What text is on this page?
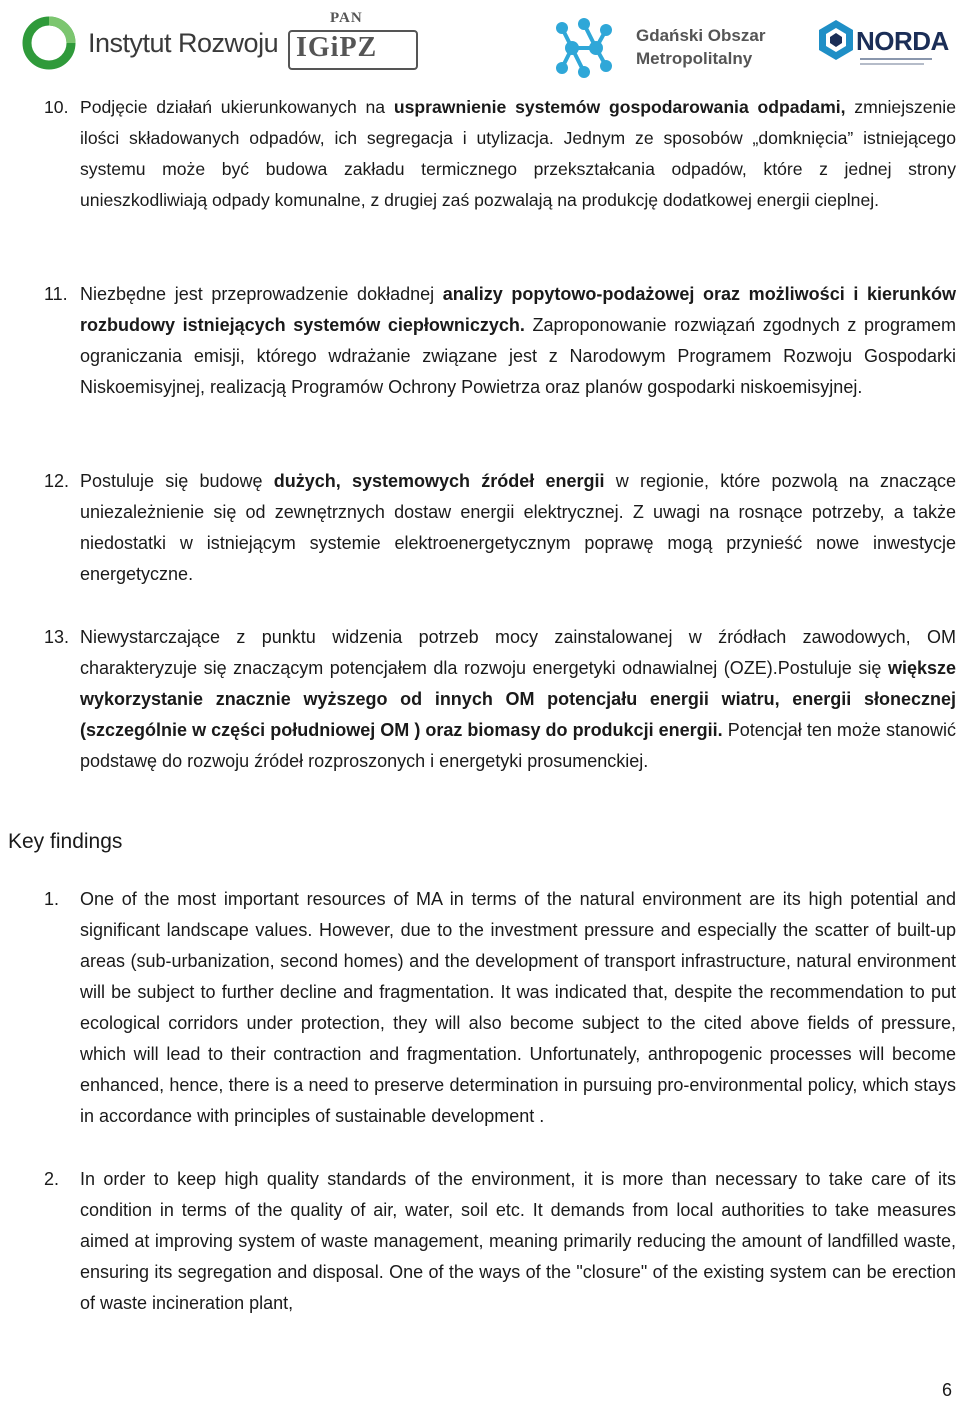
Instytut Rozwoju
PAN
IGiPZ	Gdański Obszar
Metropolitalny
NORDA
10. Podjęcie działań ukierunkowanych na usprawnienie systemów gospodarowania odpadami, zmniejszenie ilości składowanych odpadów, ich segregacja i utylizacja. Jednym ze sposobów „domknięcia” istniejącego systemu może być budowa zakładu termicznego przekształcania odpadów, które z jednej strony unieszkodliwiają odpady komunalne, z drugiej zaś pozwalają na produkcję dodatkowej energii cieplnej.
11. Niezbędne jest przeprowadzenie dokładnej analizy popytowo-podażowej oraz możliwości i kierunków rozbudowy istniejących systemów ciepłowniczych. Zaproponowanie rozwiązań zgodnych z programem ograniczania emisji, którego wdrażanie związane jest z Narodowym Programem Rozwoju Gospodarki Niskoemisyjnej, realizacją Programów Ochrony Powietrza oraz planów gospodarki niskoemisyjnej.
12. Postuluje się budowę dużych, systemowych źródeł energii w regionie, które pozwolą na znaczące uniezależnienie się od zewnętrznych dostaw energii elektrycznej. Z uwagi na rosnące potrzeby, a także niedostatki w istniejącym systemie elektroenergetycznym poprawę mogą przynieść nowe inwestycje energetyczne.
13. Niewystarczające z punktu widzenia potrzeb mocy zainstalowanej w źródłach zawodowych, OM charakteryzuje się znaczącym potencjałem dla rozwoju energetyki odnawialnej (OZE).Postuluje się większe wykorzystanie znacznie wyższego od innych OM potencjału energii wiatru, energii słonecznej (szczególnie w części południowej OM ) oraz biomasy do produkcji energii. Potencjał ten może stanowić podstawę do rozwoju źródeł rozproszonych i energetyki prosumenckiej.
Key findings
1. One of the most important resources of MA in terms of the natural environment are its high potential and significant landscape values. However, due to the investment pressure and especially the scatter of built-up areas (sub-urbanization, second homes) and the development of transport infrastructure, natural environment will be subject to further decline and fragmentation. It was indicated that, despite the recommendation to put ecological corridors under protection, they will also become subject to the cited above fields of pressure, which will lead to their contraction and fragmentation. Unfortunately, anthropogenic processes will become enhanced, hence, there is a need to preserve determination in pursuing pro-environmental policy, which stays in accordance with principles of sustainable development .
2. In order to keep high quality standards of the environment, it is more than necessary to take care of its condition in terms of the quality of air, water, soil etc. It demands from local authorities to take measures aimed at improving system of waste management, meaning primarily reducing the amount of landfilled waste, ensuring its segregation and disposal. One of the ways of the "closure" of the existing system can be erection of waste incineration plant,
6
